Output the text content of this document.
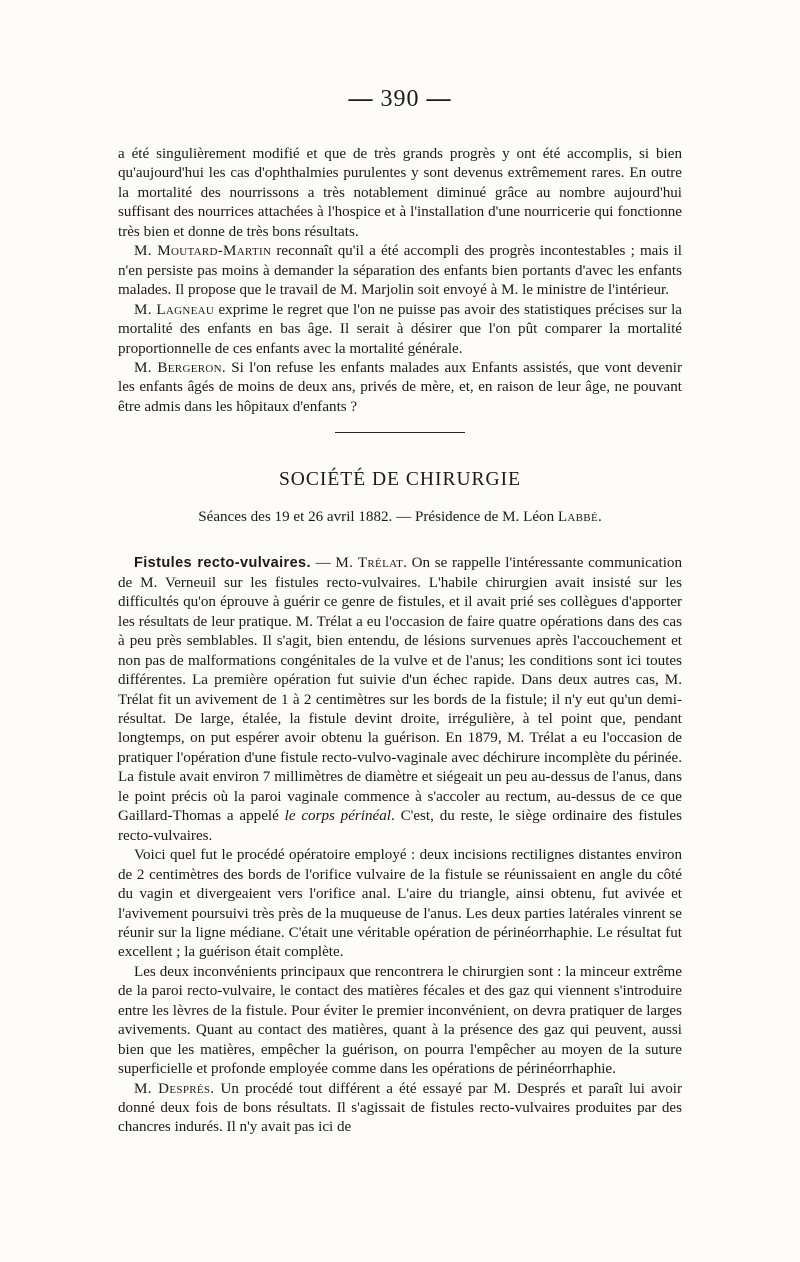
— 390 —

a été singulièrement modifié et que de très grands progrès y ont été accomplis, si bien qu'aujourd'hui les cas d'ophthalmies purulentes y sont devenus extrêmement rares. En outre la mortalité des nourrissons a très notablement diminué grâce au nombre aujourd'hui suffisant des nourrices attachées à l'hospice et à l'installation d'une nourricerie qui fonctionne très bien et donne de très bons résultats.

M. Moutard-Martin reconnaît qu'il a été accompli des progrès incontestables ; mais il n'en persiste pas moins à demander la séparation des enfants bien portants d'avec les enfants malades. Il propose que le travail de M. Marjolin soit envoyé à M. le ministre de l'intérieur.

M. Lagneau exprime le regret que l'on ne puisse pas avoir des statistiques précises sur la mortalité des enfants en bas âge. Il serait à désirer que l'on pût comparer la mortalité proportionnelle de ces enfants avec la mortalité générale.

M. Bergeron. Si l'on refuse les enfants malades aux Enfants assistés, que vont devenir les enfants âgés de moins de deux ans, privés de mère, et, en raison de leur âge, ne pouvant être admis dans les hôpitaux d'enfants ?

SOCIÉTÉ DE CHIRURGIE
Séances des 19 et 26 avril 1882. — Présidence de M. Léon Labbé.

Fistules recto-vulvaires. — M. Trélat. On se rappelle l'intéressante communication de M. Verneuil sur les fistules recto-vulvaires. L'habile chirurgien avait insisté sur les difficultés qu'on éprouve à guérir ce genre de fistules, et il avait prié ses collègues d'apporter les résultats de leur pratique. M. Trélat a eu l'occasion de faire quatre opérations dans des cas à peu près semblables. Il s'agit, bien entendu, de lésions survenues après l'accouchement et non pas de malformations congénitales de la vulve et de l'anus; les conditions sont ici toutes différentes. La première opération fut suivie d'un échec rapide. Dans deux autres cas, M. Trélat fit un avivement de 1 à 2 centimètres sur les bords de la fistule; il n'y eut qu'un demi-résultat. De large, étalée, la fistule devint droite, irrégulière, à tel point que, pendant longtemps, on put espérer avoir obtenu la guérison. En 1879, M. Trélat a eu l'occasion de pratiquer l'opération d'une fistule recto-vulvo-vaginale avec déchirure incomplète du périnée. La fistule avait environ 7 millimètres de diamètre et siégeait un peu au-dessus de l'anus, dans le point précis où la paroi vaginale commence à s'accoler au rectum, au-dessus de ce que Gaillard-Thomas a appelé le corps périnéal. C'est, du reste, le siège ordinaire des fistules recto-vulvaires.

Voici quel fut le procédé opératoire employé : deux incisions rectilignes distantes environ de 2 centimètres des bords de l'orifice vulvaire de la fistule se réunissaient en angle du côté du vagin et divergeaient vers l'orifice anal. L'aire du triangle, ainsi obtenu, fut avivée et l'avivement poursuivi très près de la muqueuse de l'anus. Les deux parties latérales vinrent se réunir sur la ligne médiane. C'était une véritable opération de périnéorrhaphie. Le résultat fut excellent ; la guérison était complète.

Les deux inconvénients principaux que rencontrera le chirurgien sont : la minceur extrême de la paroi recto-vulvaire, le contact des matières fécales et des gaz qui viennent s'introduire entre les lèvres de la fistule. Pour éviter le premier inconvénient, on devra pratiquer de larges avivements. Quant au contact des matières, quant à la présence des gaz qui peuvent, aussi bien que les matières, empêcher la guérison, on pourra l'empêcher au moyen de la suture superficielle et profonde employée comme dans les opérations de périnéorrhaphie.

M. Després. Un procédé tout différent a été essayé par M. Després et paraît lui avoir donné deux fois de bons résultats. Il s'agissait de fistules recto-vulvaires produites par des chancres indurés. Il n'y avait pas ici de
